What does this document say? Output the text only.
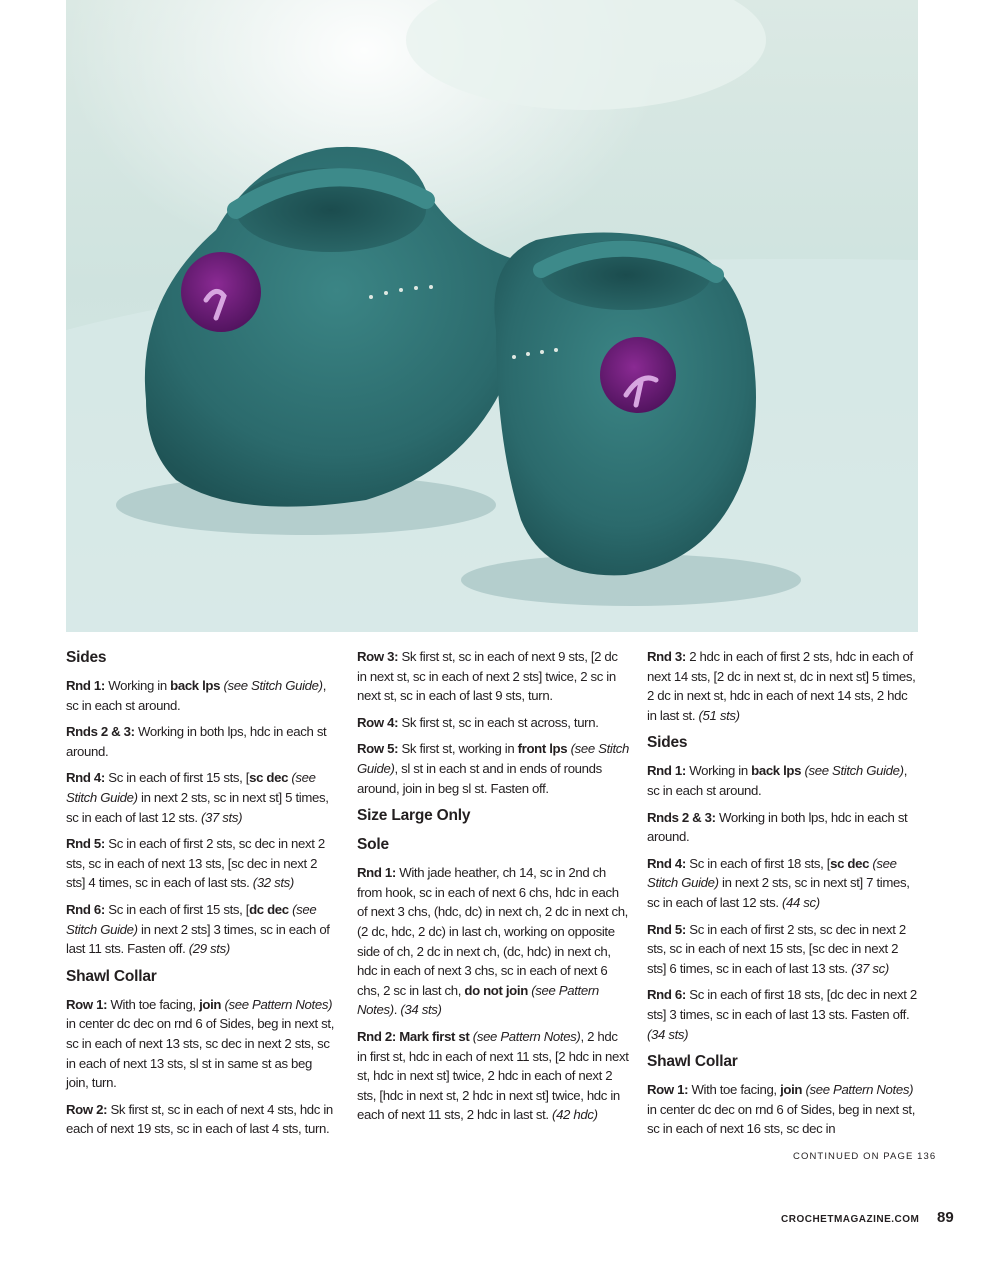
Sides

Rnd 1: Working in back lps (see Stitch Guide), sc in each st around.

Rnds 2 & 3: Working in both lps, hdc in each st around.

Rnd 4: Sc in each of first 15 sts, [sc dec (see Stitch Guide) in next 2 sts, sc in next st] 5 times, sc in each of last 12 sts. (37 sts)

Rnd 5: Sc in each of first 2 sts, sc dec in next 2 sts, sc in each of next 13 sts, [sc dec in next 2 sts] 4 times, sc in each of last sts. (32 sts)

Rnd 6: Sc in each of first 15 sts, [dc dec (see Stitch Guide) in next 2 sts] 3 times, sc in each of last 11 sts. Fasten off. (29 sts)

Shawl Collar

Row 1: With toe facing, join (see Pattern Notes) in center dc dec on rnd 6 of Sides, beg in next st, sc in each of next 13 sts, sc dec in next 2 sts, sc in each of next 13 sts, sl st in same st as beg join, turn.

Row 2: Sk first st, sc in each of next 4 sts, hdc in each of next 19 sts, sc in each of last 4 sts, turn.

Row 3: Sk first st, sc in each of next 9 sts, [2 dc in next st, sc in each of next 2 sts] twice, 2 sc in next st, sc in each of last 9 sts, turn.

Row 4: Sk first st, sc in each st across, turn.

Row 5: Sk first st, working in front lps (see Stitch Guide), sl st in each st and in ends of rounds around, join in beg sl st. Fasten off.

Size Large Only
Sole

Rnd 1: With jade heather, ch 14, sc in 2nd ch from hook, sc in each of next 6 chs, hdc in each of next 3 chs, (hdc, dc) in next ch, 2 dc in next ch, (2 dc, hdc, 2 dc) in last ch, working on opposite side of ch, 2 dc in next ch, (dc, hdc) in next ch, hdc in each of next 3 chs, sc in each of next 6 chs, 2 sc in last ch, do not join (see Pattern Notes). (34 sts)

Rnd 2: Mark first st (see Pattern Notes), 2 hdc in first st, hdc in each of next 11 sts, [2 hdc in next st, hdc in next st] twice, 2 hdc in each of next 2 sts, [hdc in next st, 2 hdc in next st] twice, hdc in each of next 11 sts, 2 hdc in last st. (42 hdc)

Rnd 3: 2 hdc in each of first 2 sts, hdc in each of next 14 sts, [2 dc in next st, dc in next st] 5 times, 2 dc in next st, hdc in each of next 14 sts, 2 hdc in last st. (51 sts)

Sides

Rnd 1: Working in back lps (see Stitch Guide), sc in each st around.

Rnds 2 & 3: Working in both lps, hdc in each st around.

Rnd 4: Sc in each of first 18 sts, [sc dec (see Stitch Guide) in next 2 sts, sc in next st] 7 times, sc in each of last 12 sts. (44 sc)

Rnd 5: Sc in each of first 2 sts, sc dec in next 2 sts, sc in each of next 15 sts, [sc dec in next 2 sts] 6 times, sc in each of last 13 sts. (37 sc)

Rnd 6: Sc in each of first 18 sts, [dc dec in next 2 sts] 3 times, sc in each of last 13 sts. Fasten off. (34 sts)

Shawl Collar

Row 1: With toe facing, join (see Pattern Notes) in center dc dec on rnd 6 of Sides, beg in next st, sc in each of next 16 sts, sc dec in

CONTINUED ON PAGE 136
CROCHETMAGAZINE.COM 89
